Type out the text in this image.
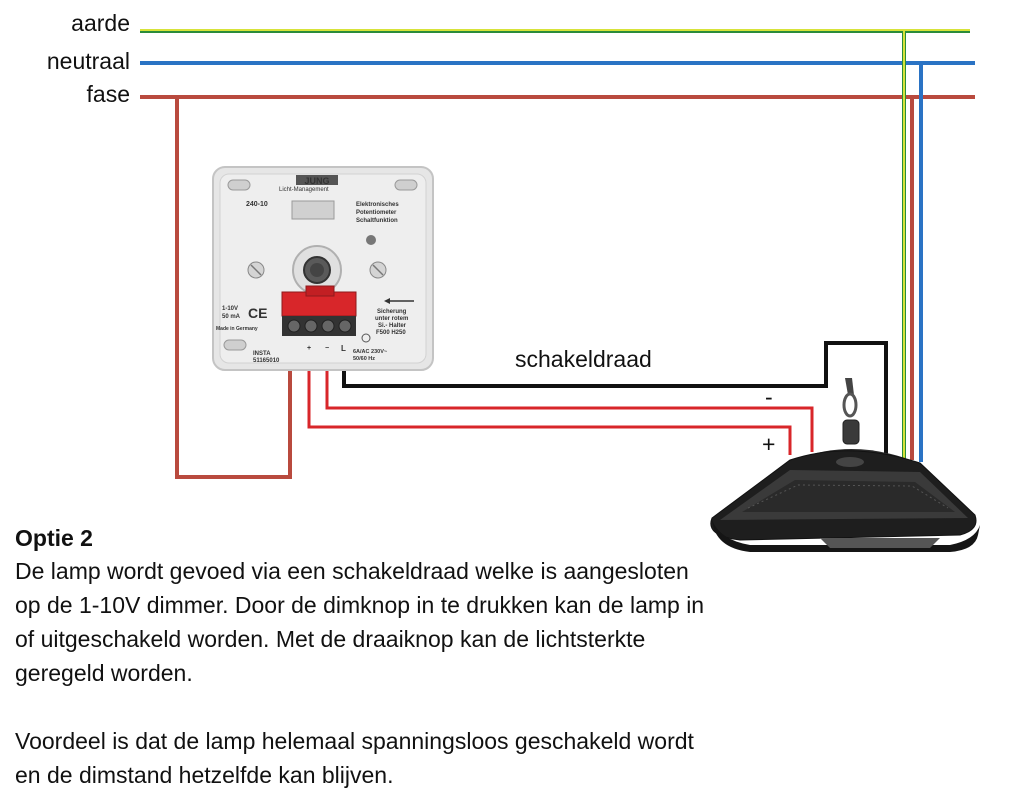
aarde
neutraal
fase
schakeldraad
-
+
JUNG
Licht-Management
240-10	Elektronisches
Potentiometer
Schaltfunktion
1-10V
50 mA CE
Made in Germany
INSTA
51165010
Sicherung
unter rotem
Si.- Halter
F500 H250
+ − L 6A/AC 230V~
50/60 Hz
Optie 2

De lamp wordt gevoed via een schakeldraad welke is aangesloten op de 1-10V dimmer. Door de dimknop in te drukken kan de lamp in of uitgeschakeld worden. Met de draaiknop kan de lichtsterkte geregeld worden.

Voordeel is dat de lamp helemaal spanningsloos geschakeld wordt en de dimstand hetzelfde kan blijven.
